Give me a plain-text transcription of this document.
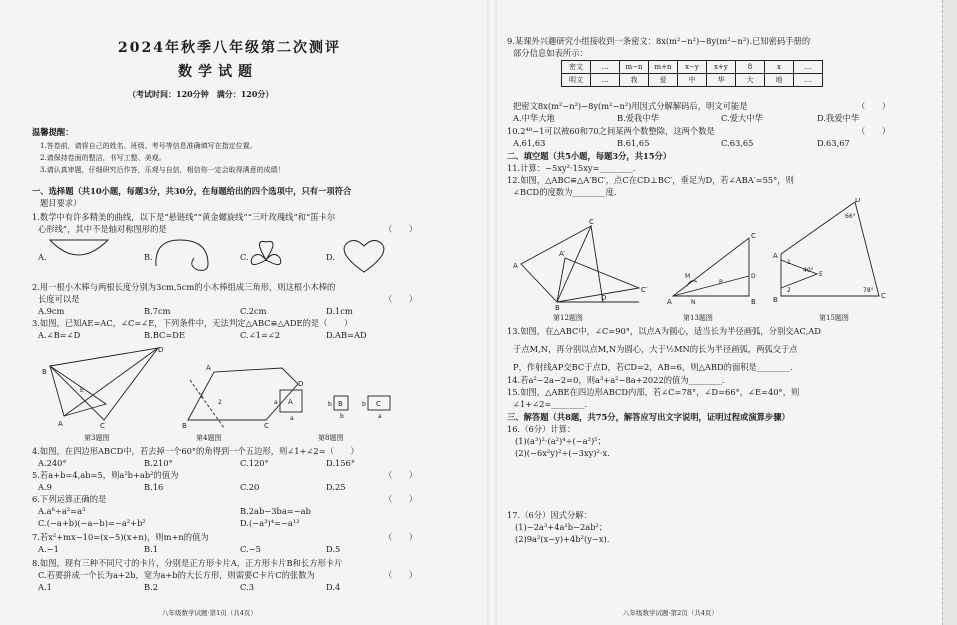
2024年秋季八年级第二次测评
数学试题
（考试时间：120分钟　满分：120分）
温馨提醒：
1.答卷前，请将自己的姓名、班级、考号等信息准确填写在指定位置。
2.请保持卷面的整洁，书写工整、美观。
3.请认真审题，仔细研究后作答，乐观与自信，相信你一定会取得满意的成绩！
一、选择题（共10小题，每题3分，共30分，在每题给出的四个选项中，只有一项符合
题目要求）
1.数学中有许多精美的曲线，以下是“悬链线”“黄金螺旋线”“三叶玫瑰线”和“笛卡尔
心形线”，其中不是轴对称图形的是	（　　）
A.	B.	C.	D.
2.用一根小木棒与两根长度分别为3cm,5cm的小木棒组成三角形，则这根小木棒的
长度可以是	（　　）
A.9cm	B.7cm	C.2cm	D.1cm
3.如图，已知AE=AC，∠C=∠E，下列条件中，无法判定△ABC≌△ADE的是（　　）
A.∠B=∠D	B.BC=DE	C.∠1=∠2	D.AB=AD
B
D
C
A
E
1
2
A
D
B	C
A	B	C
a	b	b
a	b	a
第3题图	第4题图	第8题图
4.如图，在四边形ABCD中，若去掉一个60°的角得到一个五边形，则∠1+∠2=（　　）
A.240°	B.210°	C.120°	D.156°
5.若a+b=4,ab=5，则a²b+ab²的值为	（　　）
A.9	B.16	C.20	D.25
6.下列运算正确的是	（　　）
A.a⁶÷a²=a³	B.2ab−3ba=−ab
C.(−a+b)(−a−b)=−a²+b²	D.(−a³)⁴=−a¹²
7.若x²+mx−10=(x−5)(x+n)，则m+n的值为	（　　）
A.−1	B.1	C.−5	D.5
8.如图，现有三种不同尺寸的卡片，分别是正方形卡片A，正方形卡片B和长方形卡片
C.若要拼成一个长为a+2b，宽为a+b的大长方形，则需要C卡片C的张数为	（　　）
A.1	B.2	C.3	D.4
八年级数学试题·第1页（共4页）
9.某课外兴趣研究小组接收到一条密文：8x(m²−n²)−8y(m²−n²).已知密码手册的
部分信息如表所示：
密文	…	m−n	m+n	x−y	x+y	8	x	…
明文	…	我	爱	中	华	大	地	…
把密文8x(m²−n²)−8y(m²−n²)用因式分解解码后，明文可能是	（　　）
A.中华大地	B.爱我中华	C.爱大中华	D.我爱中华
10.2⁴⁸−1可以被60和70之间某两个数整除，这两个数是	（　　）
A.61,63	B.61,65	C.63,65	D.63,67
二、填空题（共5小题，每题3分，共15分）
11.计算：−5xy²·15xy=________.
12.如图，△ABC≌△A′BC′，点C在CD⊥BC′，垂足为D，若∠ABA′=55°，则
∠BCD的度数为________度.
A
C
B
C′
A′
D	A
C
B
M
N
P
D
A
D
C
B
E
1
2
66°
40°
78°
第12题图	第13题图	第15题图
13.如图，在△ABC中，∠C=90°，以点A为圆心，适当长为半径画弧，分别交AC,AD
于点M,N，再分别以点M,N为圆心，大于½MN的长为半径画弧，两弧交于点
P，作射线AP交BC于点D，若CD=2，AB=6，则△ABD的面积是________.
14.若a²−2a−2=0，则a³+a²−8a+2022的值为________.
15.如图，△ABE在四边形ABCD内部，若∠C=78°，∠D=66°，∠E=40°，则
∠1+∠2=________.
三、解答题（共8题，共75分，解答应写出文字说明，证明过程或演算步骤）
16.（6分）计算：
(1)(a³)²·(a²)⁴÷(−a²)⁵；
(2)(−6x²y)²÷(−3xy)²·x.
17.（6分）因式分解：
(1)−2a³+4a²b−2ab²；
(2)9a²(x−y)+4b²(y−x).
八年级数学试题·第2页（共4页）
